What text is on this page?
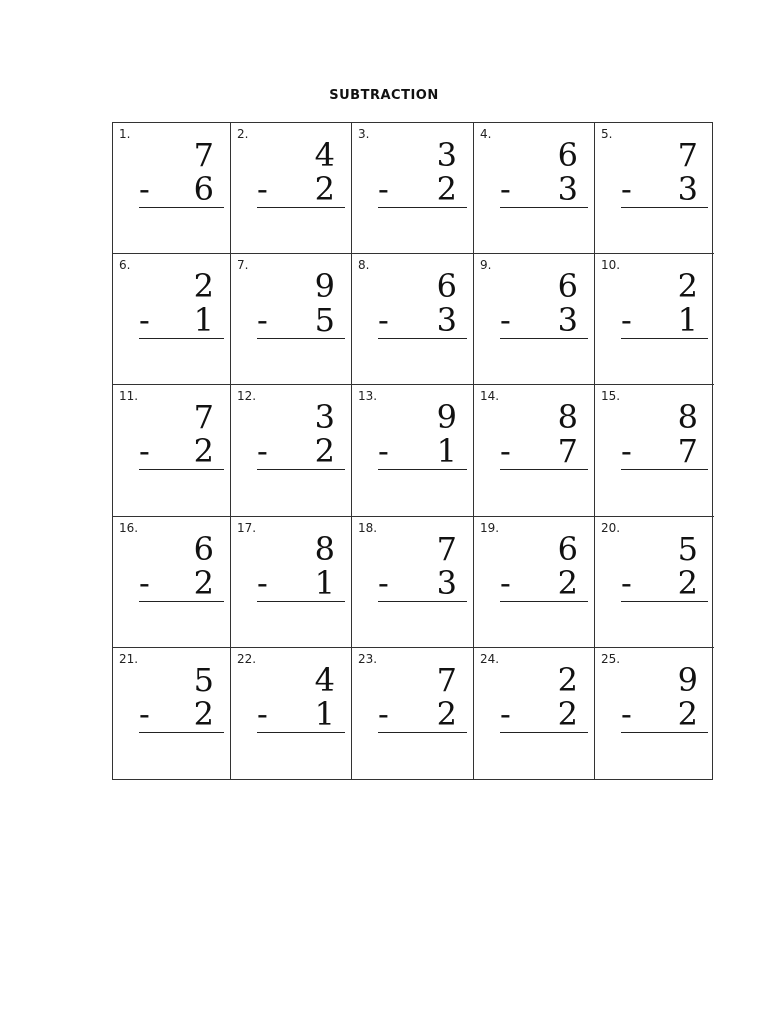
SUBTRACTION
1.
7
- 6
2.
4
- 2
3.
3
- 2
4.
6
- 3
5.
7
- 3
6.
2
- 1
7.
9
- 5
8.
6
- 3
9.
6
- 3
10.
2
- 1
11.
7
- 2
12.
3
- 2
13.
9
- 1
14.
8
- 7
15.
8
- 7
16.
6
- 2
17.
8
- 1
18.
7
- 3
19.
6
- 2
20.
5
- 2
21.
5
- 2
22.
4
- 1
23.
7
- 2
24.
2
- 2
25.
9
- 2
